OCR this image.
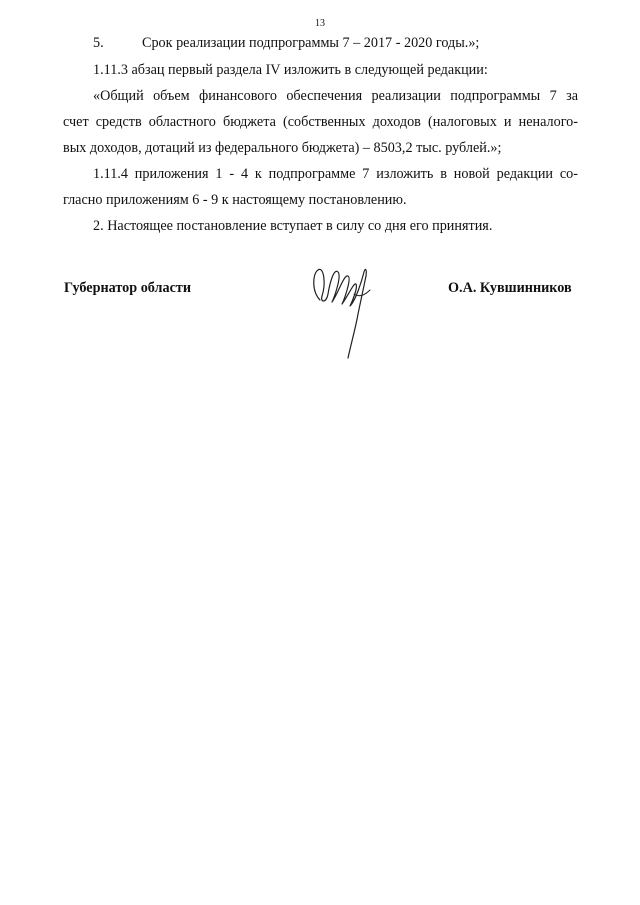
13
5.	Срок реализации подпрограммы 7 – 2017 - 2020 годы.»;
1.11.3 абзац первый раздела IV изложить в следующей редакции:
«Общий объем финансового обеспечения реализации подпрограммы 7 за
счет средств областного бюджета (собственных доходов (налоговых и неналого-
вых доходов, дотаций из федерального бюджета) – 8503,2 тыс. рублей.»;
1.11.4 приложения 1 - 4 к подпрограмме 7 изложить в новой редакции со-
гласно приложениям 6 - 9 к настоящему постановлению.
2. Настоящее постановление вступает в силу со дня его принятия.
Губернатор области	О.А. Кувшинников
